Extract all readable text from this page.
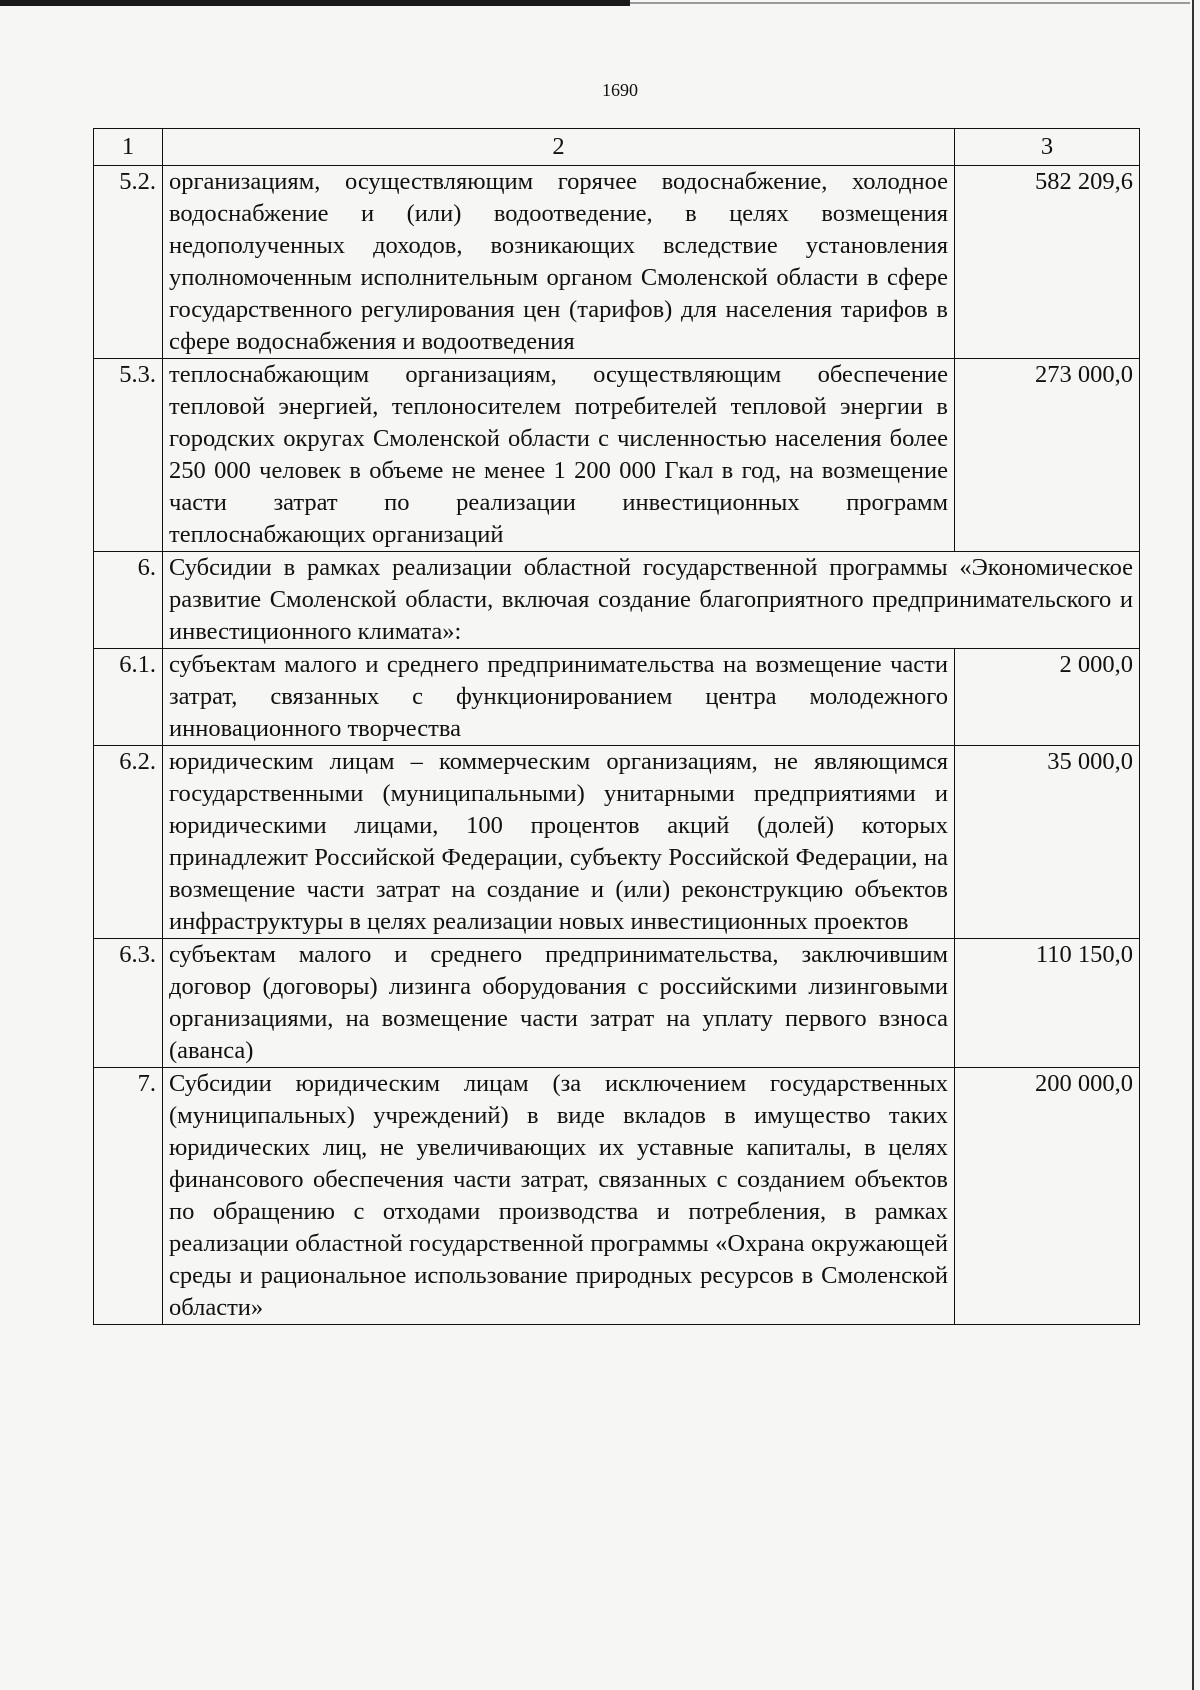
1690
1	2	3
5.2.	организациям, осуществляющим горячее водоснабжение, холодное водоснабжение и (или) водоотведение, в целях возмещения недополученных доходов, возникающих вследствие установления уполномоченным исполнительным органом Смоленской области в сфере государственного регулирования цен (тарифов) для населения тарифов в сфере водоснабжения и водоотведения	582 209,6
5.3.	теплоснабжающим организациям, осуществляющим обеспечение тепловой энергией, теплоносителем потребителей тепловой энергии в городских округах Смоленской области с численностью населения более 250 000 человек в объеме не менее 1 200 000 Гкал в год, на возмещение части затрат по реализации инвестиционных программ теплоснабжающих организаций	273 000,0
6.	Субсидии в рамках реализации областной государственной программы «Экономическое развитие Смоленской области, включая создание благоприятного предпринимательского и инвестиционного климата»:	
6.1.	субъектам малого и среднего предпринимательства на возмещение части затрат, связанных с функционированием центра молодежного инновационного творчества	2 000,0
6.2.	юридическим лицам – коммерческим организациям, не являющимся государственными (муниципальными) унитарными предприятиями и юридическими лицами, 100 процентов акций (долей) которых принадлежит Российской Федерации, субъекту Российской Федерации, на возмещение части затрат на создание и (или) реконструкцию объектов инфраструктуры в целях реализации новых инвестиционных проектов	35 000,0
6.3.	субъектам малого и среднего предпринимательства, заключившим договор (договоры) лизинга оборудования с российскими лизинговыми организациями, на возмещение части затрат на уплату первого взноса (аванса)	110 150,0
7.	Субсидии юридическим лицам (за исключением государственных (муниципальных) учреждений) в виде вкладов в имущество таких юридических лиц, не увеличивающих их уставные капиталы, в целях финансового обеспечения части затрат, связанных с созданием объектов по обращению с отходами производства и потребления, в рамках реализации областной государственной программы «Охрана окружающей среды и рациональное использование природных ресурсов в Смоленской области»	200 000,0
